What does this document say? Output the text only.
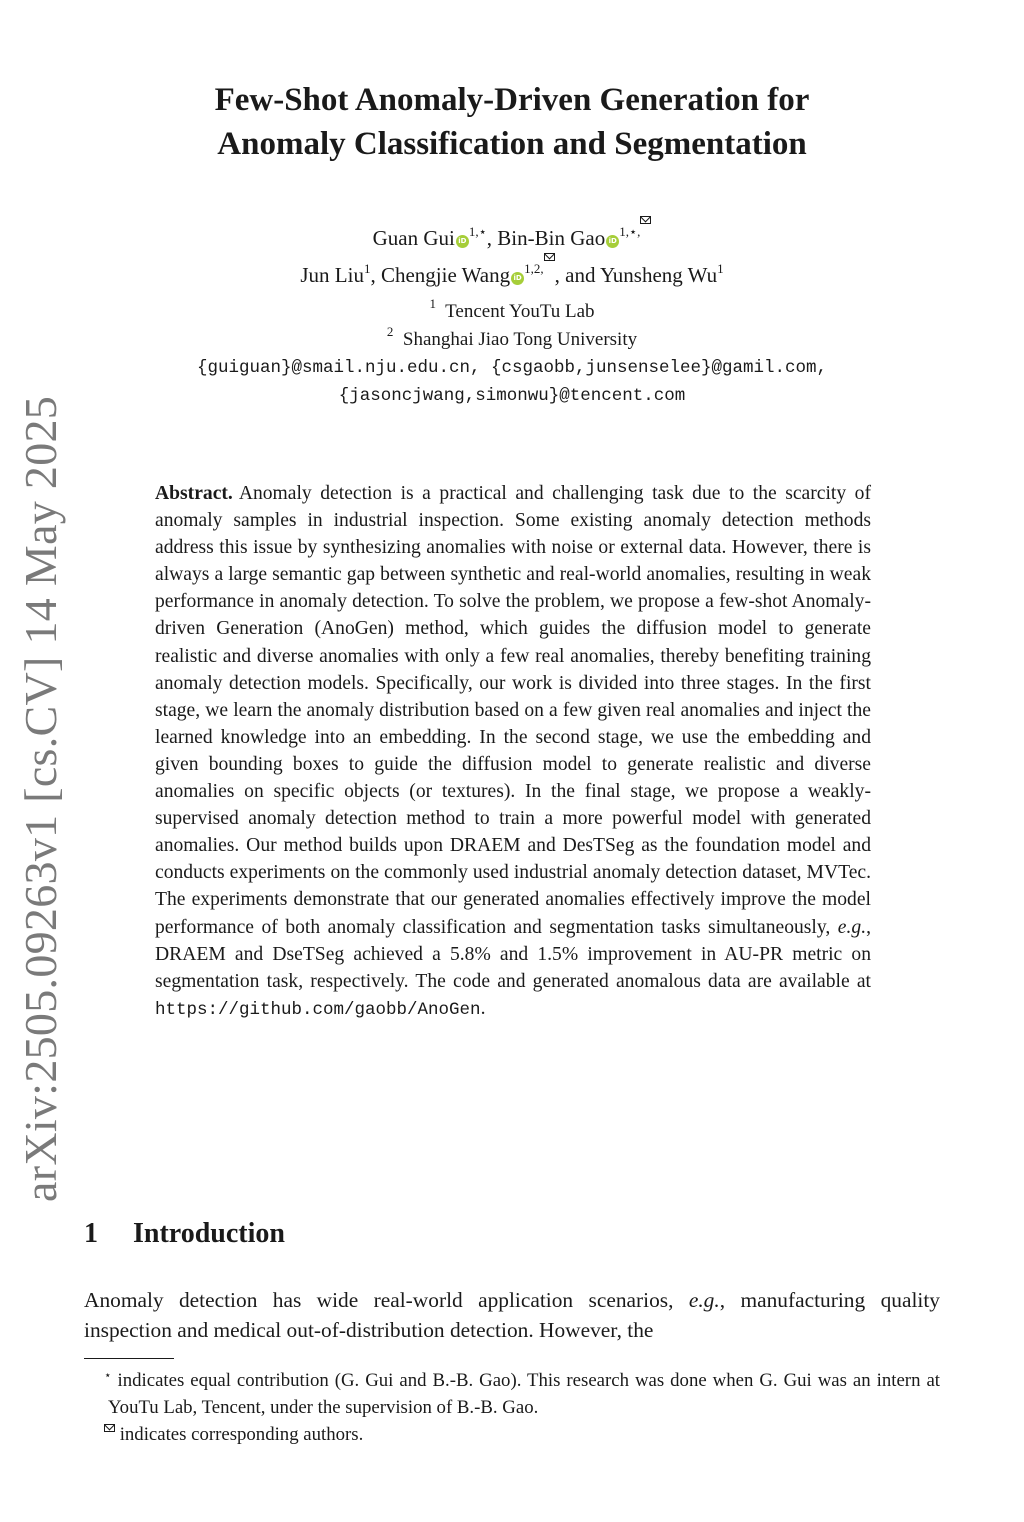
arXiv:2505.09263v1 [cs.CV] 14 May 2025
Few-Shot Anomaly-Driven Generation for
Anomaly Classification and Segmentation
Guan Gui $iD^{1,⋆}$, Bin-Bin Gao $iD^{1,⋆,}$
Jun Liu$^1$, Chengjie Wang $iD^{1,2,}$ , and Yunsheng Wu$^1$
$^1$ Tencent YouTu Lab
$^2$ Shanghai Jiao Tong University
{guiguan}@smail.nju.edu.cn, {csgaobb,junsenselee}@gamil.com,
{jasoncjwang,simonwu}@tencent.com

Abstract. Anomaly detection is a practical and challenging task due to the scarcity of anomaly samples in industrial inspection. Some existing anomaly detection methods address this issue by synthesizing anomalies with noise or external data. However, there is always a large semantic gap between synthetic and real-world anomalies, resulting in weak performance in anomaly detection. To solve the problem, we propose a few-shot Anomaly-driven Generation (AnoGen) method, which guides the diffusion model to generate realistic and diverse anomalies with only a few real anomalies, thereby benefiting training anomaly detection models. Specifically, our work is divided into three stages. In the first stage, we learn the anomaly distribution based on a few given real anomalies and inject the learned knowledge into an embedding. In the second stage, we use the embedding and given bounding boxes to guide the diffusion model to generate realistic and diverse anomalies on specific objects (or textures). In the final stage, we propose a weakly-supervised anomaly detection method to train a more powerful model with generated anomalies. Our method builds upon DRAEM and DesTSeg as the foundation model and conducts experiments on the commonly used industrial anomaly detection dataset, MVTec. The experiments demonstrate that our generated anomalies effectively improve the model performance of both anomaly classification and segmentation tasks simultaneously, e.g., DRAEM and DseTSeg achieved a 5.8% and 1.5% improvement in AU-PR metric on segmentation task, respectively. The code and generated anomalous data are available at https://github.com/gaobb/AnoGen.

1 Introduction

Anomaly detection has wide real-world application scenarios, e.g., manufacturing quality inspection and medical out-of-distribution detection. However, the

⋆ indicates equal contribution (G. Gui and B.-B. Gao). This research was done when G. Gui was an intern at YouTu Lab, Tencent, under the supervision of B.-B. Gao.

indicates corresponding authors.
